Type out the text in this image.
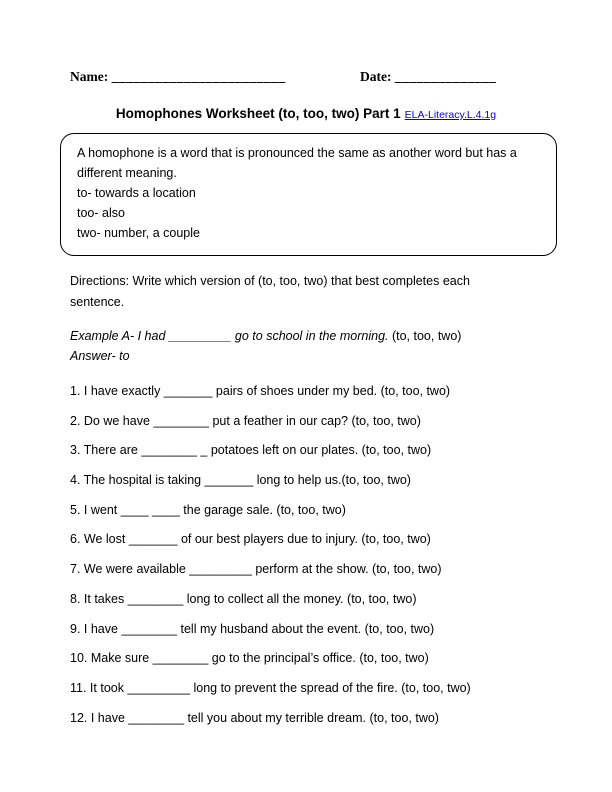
Name: ________________________	Date: ______________
Homophones Worksheet (to, too, two) Part 1 ELA-Literacy.L.4.1g
A homophone is a word that is pronounced the same as another word but has a different meaning.
to- towards a location
too- also
two- number, a couple
Directions: Write which version of (to, too, two) that best completes each sentence.
Example A- I had _________ go to school in the morning. (to, too, two)
Answer- to
1. I have exactly _______ pairs of shoes under my bed. (to, too, two)
2. Do we have ________ put a feather in our cap? (to, too, two)
3. There are ________ _ potatoes left on our plates. (to, too, two)
4. The hospital is taking _______ long to help us.(to, too, two)
5. I went ____ ____ the garage sale. (to, too, two)
6. We lost _______ of our best players due to injury. (to, too, two)
7. We were available _________ perform at the show. (to, too, two)
8. It takes ________ long to collect all the money. (to, too, two)
9. I have ________ tell my husband about the event. (to, too, two)
10. Make sure ________ go to the principal’s office. (to, too, two)
11. It took _________ long to prevent the spread of the fire. (to, too, two)
12. I have ________ tell you about my terrible dream. (to, too, two)
